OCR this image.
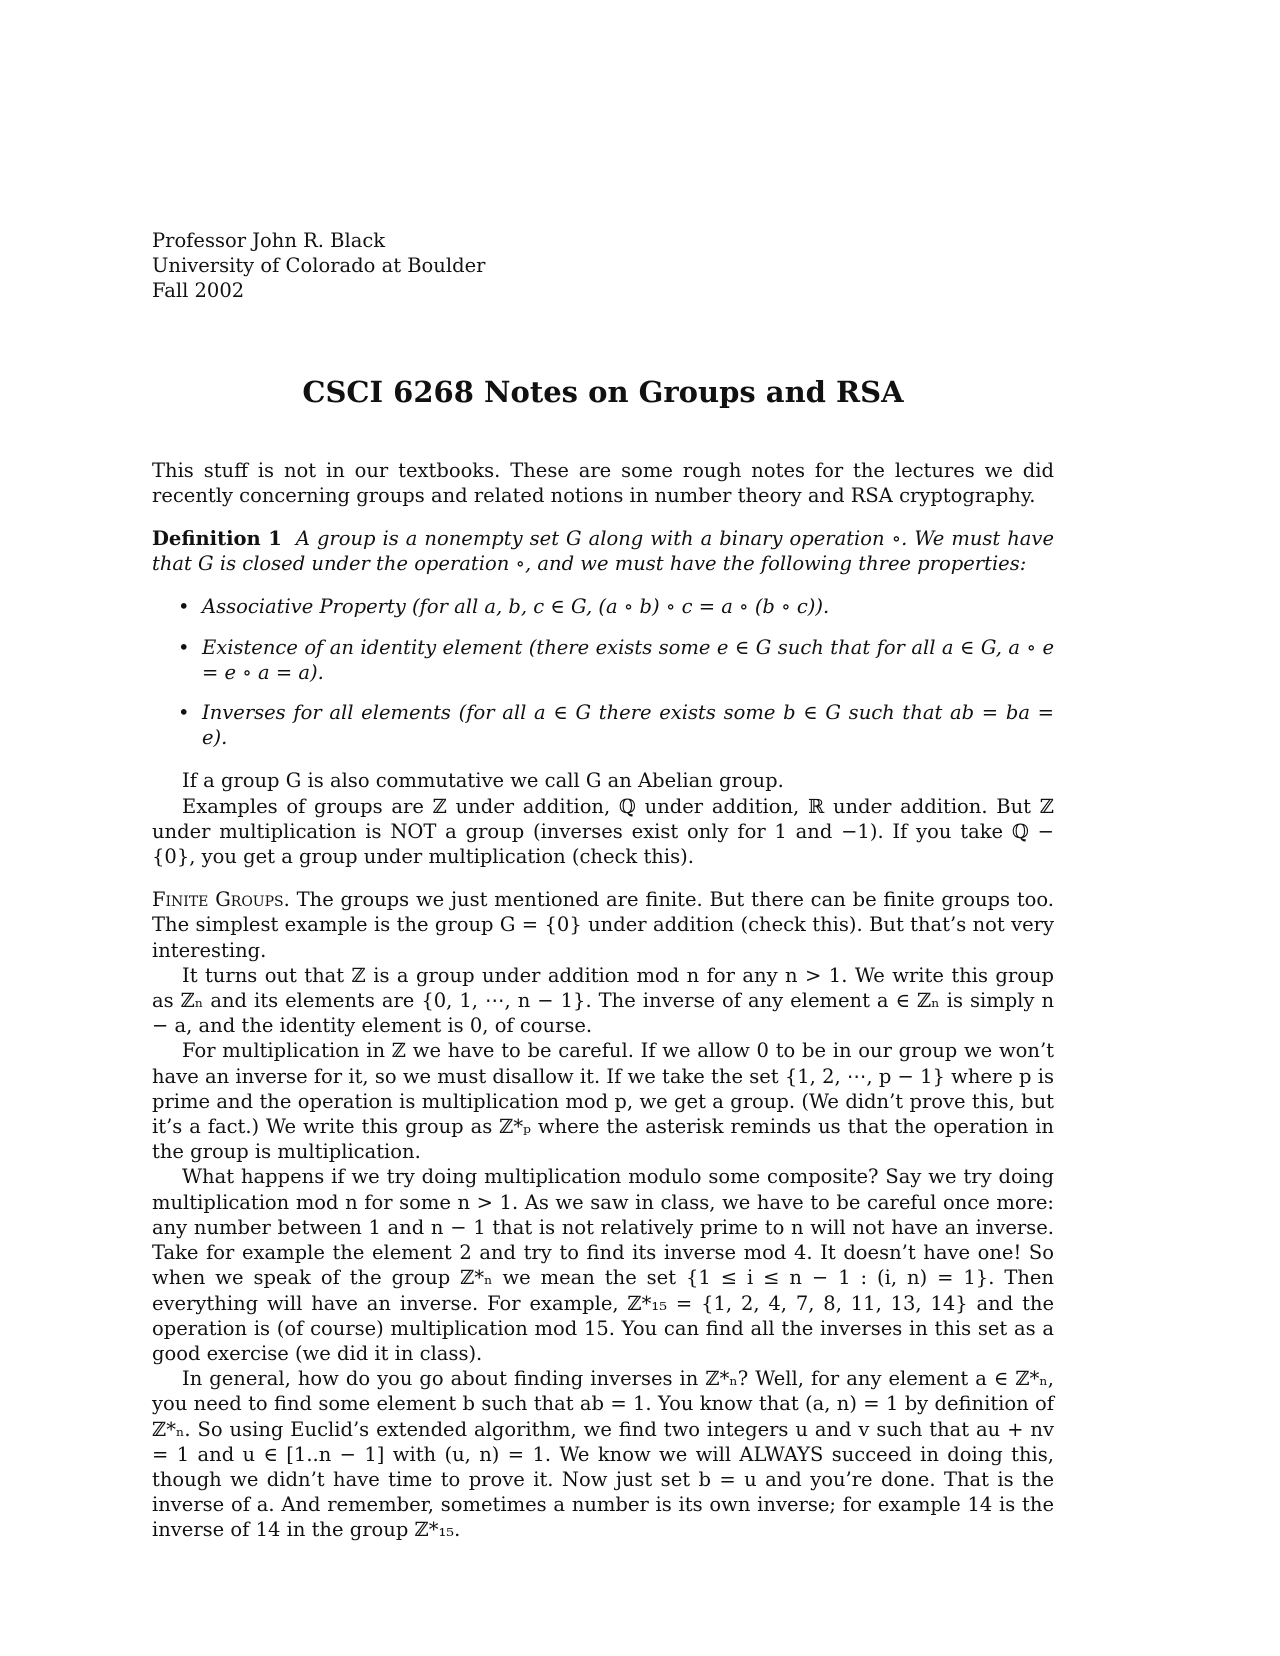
Professor John R. Black
University of Colorado at Boulder
Fall 2002
CSCI 6268 Notes on Groups and RSA

This stuff is not in our textbooks. These are some rough notes for the lectures we did recently concerning groups and related notions in number theory and RSA cryptography.

Definition 1 A group is a nonempty set G along with a binary operation ∘. We must have that G is closed under the operation ∘, and we must have the following three properties:

• Associative Property (for all a, b, c ∈ G, (a ∘ b) ∘ c = a ∘ (b ∘ c)).
• Existence of an identity element (there exists some e ∈ G such that for all a ∈ G, a ∘ e = e ∘ a = a).
• Inverses for all elements (for all a ∈ G there exists some b ∈ G such that ab = ba = e).

If a group G is also commutative we call G an Abelian group.

Examples of groups are ℤ under addition, ℚ under addition, ℝ under addition. But ℤ under multiplication is NOT a group (inverses exist only for 1 and −1). If you take ℚ − {0}, you get a group under multiplication (check this).

Finite Groups. The groups we just mentioned are finite. But there can be finite groups too. The simplest example is the group G = {0} under addition (check this). But that’s not very interesting.

It turns out that ℤ is a group under addition mod n for any n > 1. We write this group as ℤₙ and its elements are {0, 1, ⋯, n − 1}. The inverse of any element a ∈ ℤₙ is simply n − a, and the identity element is 0, of course.

For multiplication in ℤ we have to be careful. If we allow 0 to be in our group we won’t have an inverse for it, so we must disallow it. If we take the set {1, 2, ⋯, p − 1} where p is prime and the operation is multiplication mod p, we get a group. (We didn’t prove this, but it’s a fact.) We write this group as ℤ*ₚ where the asterisk reminds us that the operation in the group is multiplication.

What happens if we try doing multiplication modulo some composite? Say we try doing multiplication mod n for some n > 1. As we saw in class, we have to be careful once more: any number between 1 and n − 1 that is not relatively prime to n will not have an inverse. Take for example the element 2 and try to find its inverse mod 4. It doesn’t have one! So when we speak of the group ℤ*ₙ we mean the set {1 ≤ i ≤ n − 1 : (i, n) = 1}. Then everything will have an inverse. For example, ℤ*₁₅ = {1, 2, 4, 7, 8, 11, 13, 14} and the operation is (of course) multiplication mod 15. You can find all the inverses in this set as a good exercise (we did it in class).

In general, how do you go about finding inverses in ℤ*ₙ? Well, for any element a ∈ ℤ*ₙ, you need to find some element b such that ab = 1. You know that (a, n) = 1 by definition of ℤ*ₙ. So using Euclid’s extended algorithm, we find two integers u and v such that au + nv = 1 and u ∈ [1..n − 1] with (u, n) = 1. We know we will ALWAYS succeed in doing this, though we didn’t have time to prove it. Now just set b = u and you’re done. That is the inverse of a. And remember, sometimes a number is its own inverse; for example 14 is the inverse of 14 in the group ℤ*₁₅.
